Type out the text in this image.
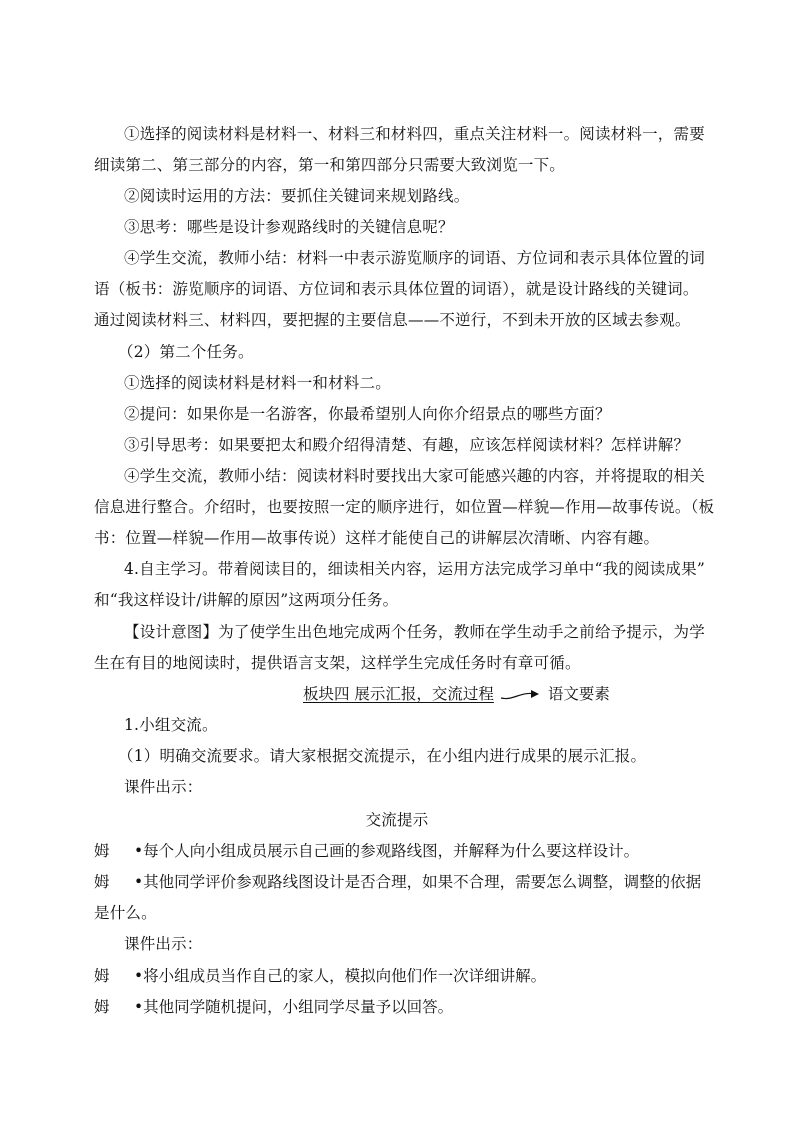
①选择的阅读材料是材料一、材料三和材料四，重点关注材料一。阅读材料一，需要
细读第二、第三部分的内容，第一和第四部分只需要大致浏览一下。
②阅读时运用的方法：要抓住关键词来规划路线。
③思考：哪些是设计参观路线时的关键信息呢？
④学生交流，教师小结：材料一中表示游览顺序的词语、方位词和表示具体位置的词
语（板书：游览顺序的词语、方位词和表示具体位置的词语），就是设计路线的关键词。
通过阅读材料三、材料四，要把握的主要信息——不逆行，不到未开放的区域去参观。
（2）第二个任务。
①选择的阅读材料是材料一和材料二。
②提问：如果你是一名游客，你最希望别人向你介绍景点的哪些方面？
③引导思考：如果要把太和殿介绍得清楚、有趣，应该怎样阅读材料？怎样讲解？
④学生交流，教师小结：阅读材料时要找出大家可能感兴趣的内容，并将提取的相关
信息进行整合。介绍时，也要按照一定的顺序进行，如位置—样貌—作用—故事传说。（板
书：位置—样貌—作用—故事传说）这样才能使自己的讲解层次清晰、内容有趣。
4.自主学习。带着阅读目的，细读相关内容，运用方法完成学习单中“我的阅读成果”
和“我这样设计/讲解的原因”这两项分任务。
【设计意图】为了使学生出色地完成两个任务，教师在学生动手之前给予提示，为学
生在有目的地阅读时，提供语言支架，这样学生完成任务时有章可循。
板块四 展示汇报，交流过程	语文要素
1.小组交流。
（1）明确交流要求。请大家根据交流提示，在小组内进行成果的展示汇报。
课件出示：
交流提示
姆 •每个人向小组成员展示自己画的参观路线图，并解释为什么要这样设计。
姆 •其他同学评价参观路线图设计是否合理，如果不合理，需要怎么调整，调整的依据
是什么。
课件出示：
姆 •将小组成员当作自己的家人，模拟向他们作一次详细讲解。
姆 •其他同学随机提问，小组同学尽量予以回答。
